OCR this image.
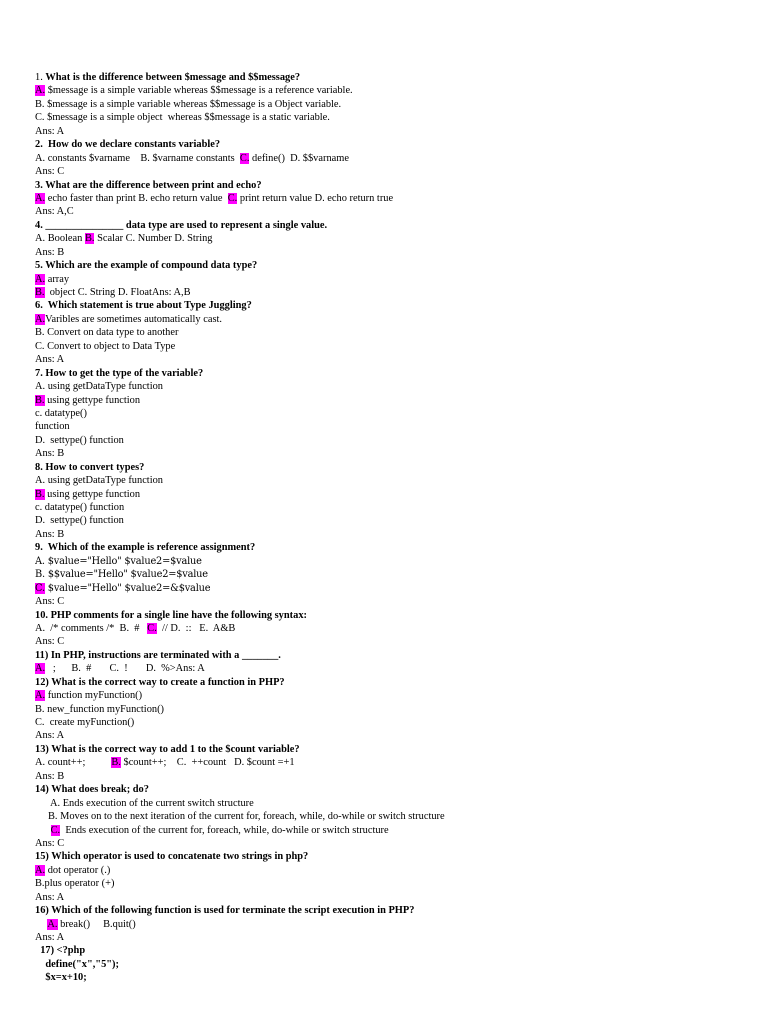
1. What is the difference between $message and $$message?
A. $message is a simple variable whereas $$message is a reference variable.
B. $message is a simple variable whereas $$message is a Object variable.
C. $message is a simple object  whereas $$message is a static variable.
Ans: A
2.  How do we declare constants variable?
A. constants $varname    B. $varname constants  C. define()  D. $$varname
Ans: C
3. What are the difference between print and echo?
A. echo faster than print B. echo return value  C. print return value D. echo return true
Ans: A,C
4. _______________ data type are used to represent a single value.
A. Boolean B. Scalar C. Number D. String
Ans: B
5. Which are the example of compound data type?
A. array
B.  object C. String D. FloatAns: A,B
6.  Which statement is true about Type Juggling?
A.Varibles are sometimes automatically cast.
B. Convert on data type to another
C. Convert to object to Data Type
Ans: A
7. How to get the type of the variable?
A. using getDataType function
B. using gettype function
c. datatype()
function
D.  settype() function
Ans: B
8. How to convert types?
A. using getDataType function
B. using gettype function
c. datatype() function
D.  settype() function
Ans: B
9.  Which of the example is reference assignment?
A. $value="Hello" $value2=$value
B. $$value="Hello" $value2=$value
C. $value="Hello" $value2=&$value
Ans: C
10. PHP comments for a single line have the following syntax:
A.  /* comments /*  B.  #   C.  // D.  ::   E.  A&B
Ans: C
11) In PHP, instructions are terminated with a _______.
A.   ;      B.  #       C.  !       D.  %>Ans: A
12) What is the correct way to create a function in PHP?
A. function myFunction()
B. new_function myFunction()
C.  create myFunction()
Ans: A
13) What is the correct way to add 1 to the $count variable?
A. count++;          B. $count++;    C.  ++count   D. $count =+1
Ans: B
14) What does break; do?
A. Ends execution of the current switch structure
B. Moves on to the next iteration of the current for, foreach, while, do-while or switch structure
C.  Ends execution of the current for, foreach, while, do-while or switch structure
Ans: C
15) Which operator is used to concatenate two strings in php?
A. dot operator (.)
B.plus operator (+)
Ans: A
16) Which of the following function is used for terminate the script execution in PHP?
A. break()     B.quit()
Ans: A
17) <?php
define("x","5");
$x=x+10;
